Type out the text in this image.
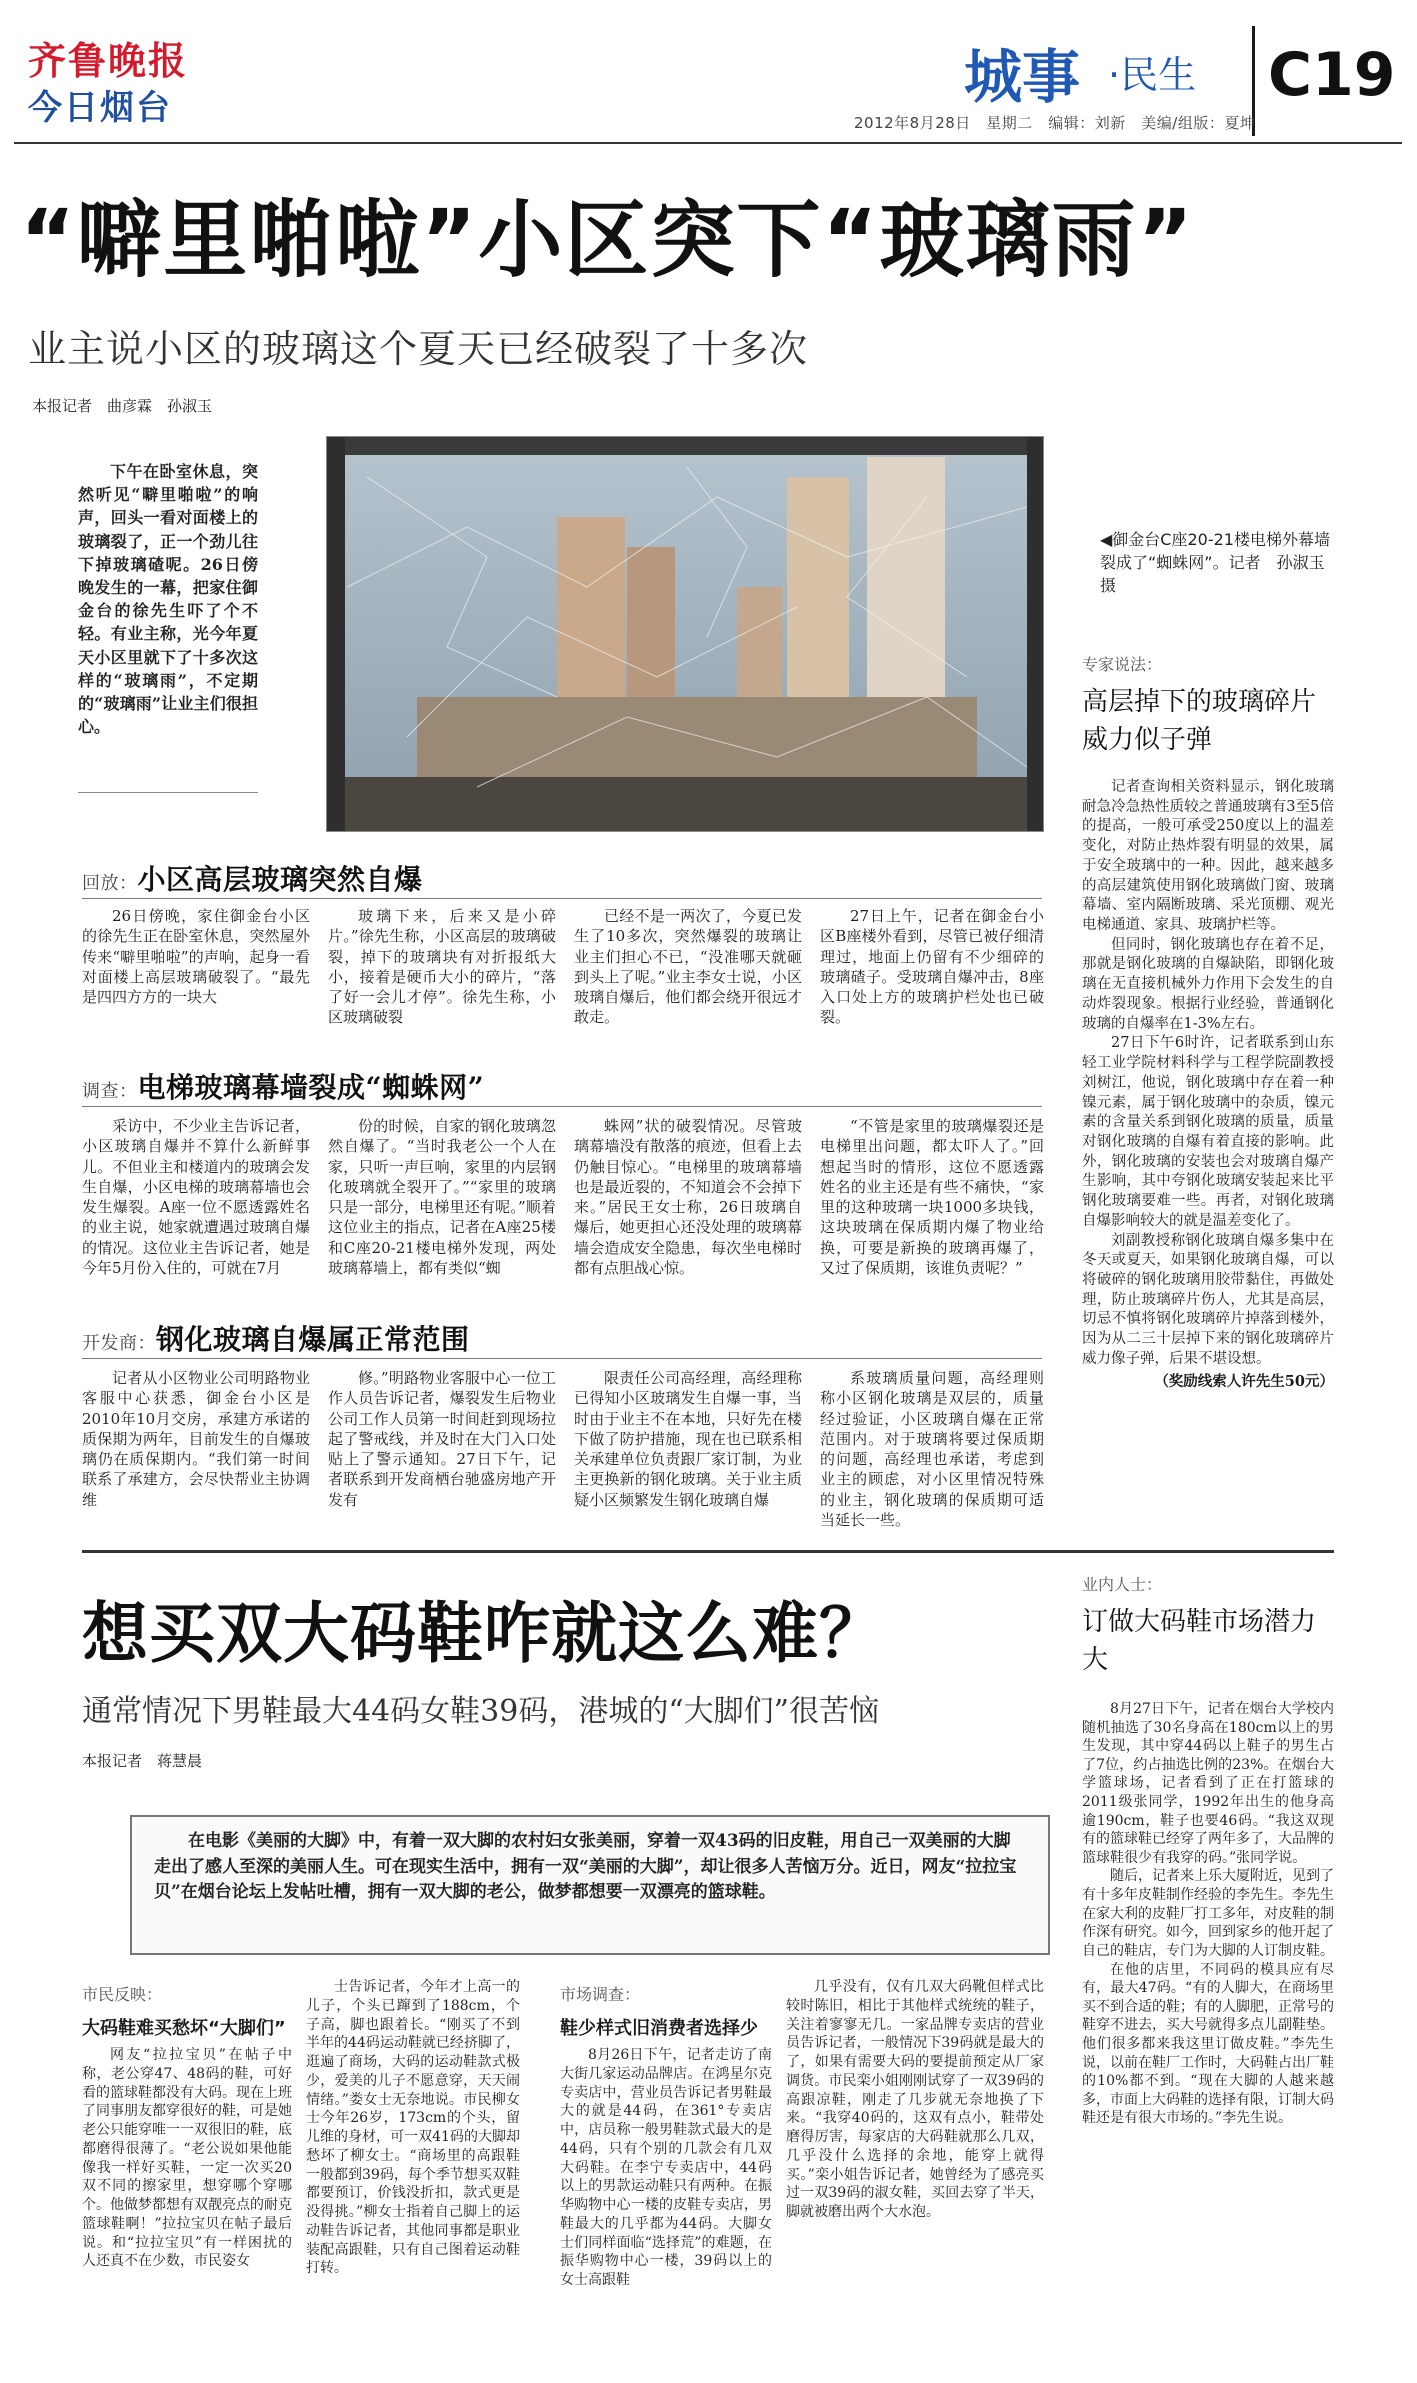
齐鲁晚报
今日烟台	城事 ·民生 C19
2012年8月28日　星期二　编辑：刘新　美编/组版：夏坤
“噼里啪啦”小区突下“玻璃雨”
业主说小区的玻璃这个夏天已经破裂了十多次
本报记者　曲彦霖　孙淑玉
下午在卧室休息，突然听见“噼里啪啦”的响声，回头一看对面楼上的玻璃裂了，正一个劲儿往下掉玻璃碴呢。26日傍晚发生的一幕，把家住御金台的徐先生吓了个不轻。有业主称，光今年夏天小区里就下了十多次这样的“玻璃雨”，不定期的“玻璃雨”让业主们很担心。
◀御金台C座20-21楼电梯外幕墙裂成了“蜘蛛网”。记者　孙淑玉　摄
回放：小区高层玻璃突然自爆
26日傍晚，家住御金台小区的徐先生正在卧室休息，突然屋外传来“噼里啪啦”的声响，起身一看对面楼上高层玻璃破裂了。“最先是四四方方的一块大
玻璃下来，后来又是小碎片。”徐先生称，小区高层的玻璃破裂，掉下的玻璃块有对折报纸大小，接着是硬币大小的碎片，“落了好一会儿才停”。徐先生称，小区玻璃破裂
已经不是一两次了，今夏已发生了10多次，突然爆裂的玻璃让业主们担心不已，“没准哪天就砸到头上了呢。”业主李女士说，小区玻璃自爆后，他们都会绕开很远才敢走。
27日上午，记者在御金台小区B座楼外看到，尽管已被仔细清理过，地面上仍留有不少细碎的玻璃碴子。受玻璃自爆冲击，8座入口处上方的玻璃护栏处也已破裂。
调查：电梯玻璃幕墙裂成“蜘蛛网”
采访中，不少业主告诉记者，小区玻璃自爆并不算什么新鲜事儿。不但业主和楼道内的玻璃会发生自爆，小区电梯的玻璃幕墙也会发生爆裂。A座一位不愿透露姓名的业主说，她家就遭遇过玻璃自爆的情况。这位业主告诉记者，她是今年5月份入住的，可就在7月
份的时候，自家的钢化玻璃忽然自爆了。“当时我老公一个人在家，只听一声巨响，家里的内层钢化玻璃就全裂开了。”“家里的玻璃只是一部分，电梯里还有呢。”顺着这位业主的指点，记者在A座25楼和C座20-21楼电梯外发现，两处玻璃幕墙上，都有类似“蜘
蛛网”状的破裂情况。尽管玻璃幕墙没有散落的痕迹，但看上去仍触目惊心。“电梯里的玻璃幕墙也是最近裂的，不知道会不会掉下来。”居民王女士称，26日玻璃自爆后，她更担心还没处理的玻璃幕墙会造成安全隐患，每次坐电梯时都有点胆战心惊。
“不管是家里的玻璃爆裂还是电梯里出问题，都太吓人了。”回想起当时的情形，这位不愿透露姓名的业主还是有些不痛快，“家里的这种玻璃一块1000多块钱，这块玻璃在保质期内爆了物业给换，可要是新换的玻璃再爆了，又过了保质期，该谁负责呢？”
开发商：钢化玻璃自爆属正常范围
记者从小区物业公司明路物业客服中心获悉，御金台小区是2010年10月交房，承建方承诺的质保期为两年，目前发生的自爆玻璃仍在质保期内。“我们第一时间联系了承建方，会尽快帮业主协调维
修。”明路物业客服中心一位工作人员告诉记者，爆裂发生后物业公司工作人员第一时间赶到现场拉起了警戒线，并及时在大门入口处贴上了警示通知。27日下午，记者联系到开发商栖台驰盛房地产开发有
限责任公司高经理，高经理称已得知小区玻璃发生自爆一事，当时由于业主不在本地，只好先在楼下做了防护措施，现在也已联系相关承建单位负责跟厂家订制，为业主更换新的钢化玻璃。关于业主质疑小区频繁发生钢化玻璃自爆
系玻璃质量问题，高经理则称小区钢化玻璃是双层的，质量经过验证，小区玻璃自爆在正常范围内。对于玻璃将要过保质期的问题，高经理也承诺，考虑到业主的顾虑，对小区里情况特殊的业主，钢化玻璃的保质期可适当延长一些。
专家说法：
高层掉下的玻璃碎片威力似子弹

记者查询相关资料显示，钢化玻璃耐急冷急热性质较之普通玻璃有3至5倍的提高，一般可承受250度以上的温差变化，对防止热炸裂有明显的效果，属于安全玻璃中的一种。因此，越来越多的高层建筑使用钢化玻璃做门窗、玻璃幕墙、室内隔断玻璃、采光顶棚、观光电梯通道、家具、玻璃护栏等。

但同时，钢化玻璃也存在着不足，那就是钢化玻璃的自爆缺陷，即钢化玻璃在无直接机械外力作用下会发生的自动炸裂现象。根据行业经验，普通钢化玻璃的自爆率在1-3%左右。

27日下午6时许，记者联系到山东轻工业学院材料科学与工程学院副教授刘树江，他说，钢化玻璃中存在着一种镍元素，属于钢化玻璃中的杂质，镍元素的含量关系到钢化玻璃的质量，质量对钢化玻璃的自爆有着直接的影响。此外，钢化玻璃的安装也会对玻璃自爆产生影响，其中夸钢化玻璃安装起来比平钢化玻璃要难一些。再者，对钢化玻璃自爆影响较大的就是温差变化了。

刘副教授称钢化玻璃自爆多集中在冬天或夏天，如果钢化玻璃自爆，可以将破碎的钢化玻璃用胶带黏住，再做处理，防止玻璃碎片伤人，尤其是高层，切忌不慎将钢化玻璃碎片掉落到楼外，因为从二三十层掉下来的钢化玻璃碎片威力像子弹，后果不堪设想。

（奖励线索人许先生50元）

想买双大码鞋咋就这么难？
通常情况下男鞋最大44码女鞋39码，港城的“大脚们”很苦恼
本报记者　蒋慧晨

在电影《美丽的大脚》中，有着一双大脚的农村妇女张美丽，穿着一双43码的旧皮鞋，用自己一双美丽的大脚走出了感人至深的美丽人生。可在现实生活中，拥有一双“美丽的大脚”，却让很多人苦恼万分。近日，网友“拉拉宝贝”在烟台论坛上发帖吐槽，拥有一双大脚的老公，做梦都想要一双漂亮的篮球鞋。

市民反映：
大码鞋难买愁坏“大脚们”
网友“拉拉宝贝”在帖子中称，老公穿47、48码的鞋，可好看的篮球鞋都没有大码。现在上班了同事朋友都穿很好的鞋，可是她老公只能穿唯一一双很旧的鞋，底都磨得很薄了。“老公说如果他能像我一样好买鞋，一定一次买20双不同的擦家里，想穿哪个穿哪个。他做梦都想有双靓亮点的耐克篮球鞋啊！”拉拉宝贝在帖子最后说。和“拉拉宝贝”有一样困扰的人还真不在少数，市民姿女
士告诉记者，今年才上高一的儿子，个头已蹿到了188cm，个子高，脚也跟着长。“刚买了不到半年的44码运动鞋就已经挤脚了，逛遍了商场，大码的运动鞋款式极少，爱美的儿子不愿意穿，天天闹情绪。”娄女士无奈地说。市民柳女士今年26岁，173cm的个头，留儿维的身材，可一双41码的大脚却愁坏了柳女士。“商场里的高跟鞋一般都到39码，每个季节想买双鞋都要预订，价钱没折扣，款式更是没得挑。”柳女士指着自己脚上的运动鞋告诉记者，其他同事都是职业装配高跟鞋，只有自己图着运动鞋打转。
市场调查：
鞋少样式旧消费者选择少
8月26日下午，记者走访了南大街几家运动品牌店。在鸿星尔克专卖店中，营业员告诉记者男鞋最大的就是44码，在361°专卖店中，店员称一般男鞋款式最大的是44码，只有个别的几款会有几双大码鞋。在李宁专卖店中，44码以上的男款运动鞋只有两种。在振华购物中心一楼的皮鞋专卖店，男鞋最大的几乎都为44码。大脚女士们同样面临“选择荒”的难题，在振华购物中心一楼，39码以上的女士高跟鞋
几乎没有，仅有几双大码靴但样式比较时陈旧，相比于其他样式统统的鞋子，关注着寥寥无几。一家品牌专卖店的营业员告诉记者，一般情况下39码就是最大的了，如果有需要大码的要提前预定从厂家调货。市民栾小姐刚刚试穿了一双39码的高跟凉鞋，刚走了几步就无奈地换了下来。“我穿40码的，这双有点小，鞋带处磨得厉害，每家店的大码鞋就那么几双，几乎没什么选择的余地，能穿上就得买。”栾小姐告诉记者，她曾经为了感亮买过一双39码的淑女鞋，买回去穿了半天，脚就被磨出两个大水泡。
业内人士：
订做大码鞋市场潜力大

8月27日下午，记者在烟台大学校内随机抽选了30名身高在180cm以上的男生发现，其中穿44码以上鞋子的男生占了7位，约占抽选比例的23%。在烟台大学篮球场，记者看到了正在打篮球的2011级张同学，1992年出生的他身高逾190cm，鞋子也要46码。“我这双现有的篮球鞋已经穿了两年多了，大品牌的篮球鞋很少有我穿的码。”张同学说。

随后，记者来上乐大厦附近，见到了有十多年皮鞋制作经验的李先生。李先生在家大利的皮鞋厂打工多年，对皮鞋的制作深有研究。如今，回到家乡的他开起了自己的鞋店，专门为大脚的人订制皮鞋。

在他的店里，不同码的模具应有尽有，最大47码。“有的人脚大，在商场里买不到合适的鞋；有的人脚肥，正常号的鞋穿不进去，买大号就得多点儿副鞋垫。他们很多都来我这里订做皮鞋。”李先生说，以前在鞋厂工作时，大码鞋占出厂鞋的10%都不到。“现在大脚的人越来越多，市面上大码鞋的选择有限，订制大码鞋还是有很大市场的。”李先生说。
